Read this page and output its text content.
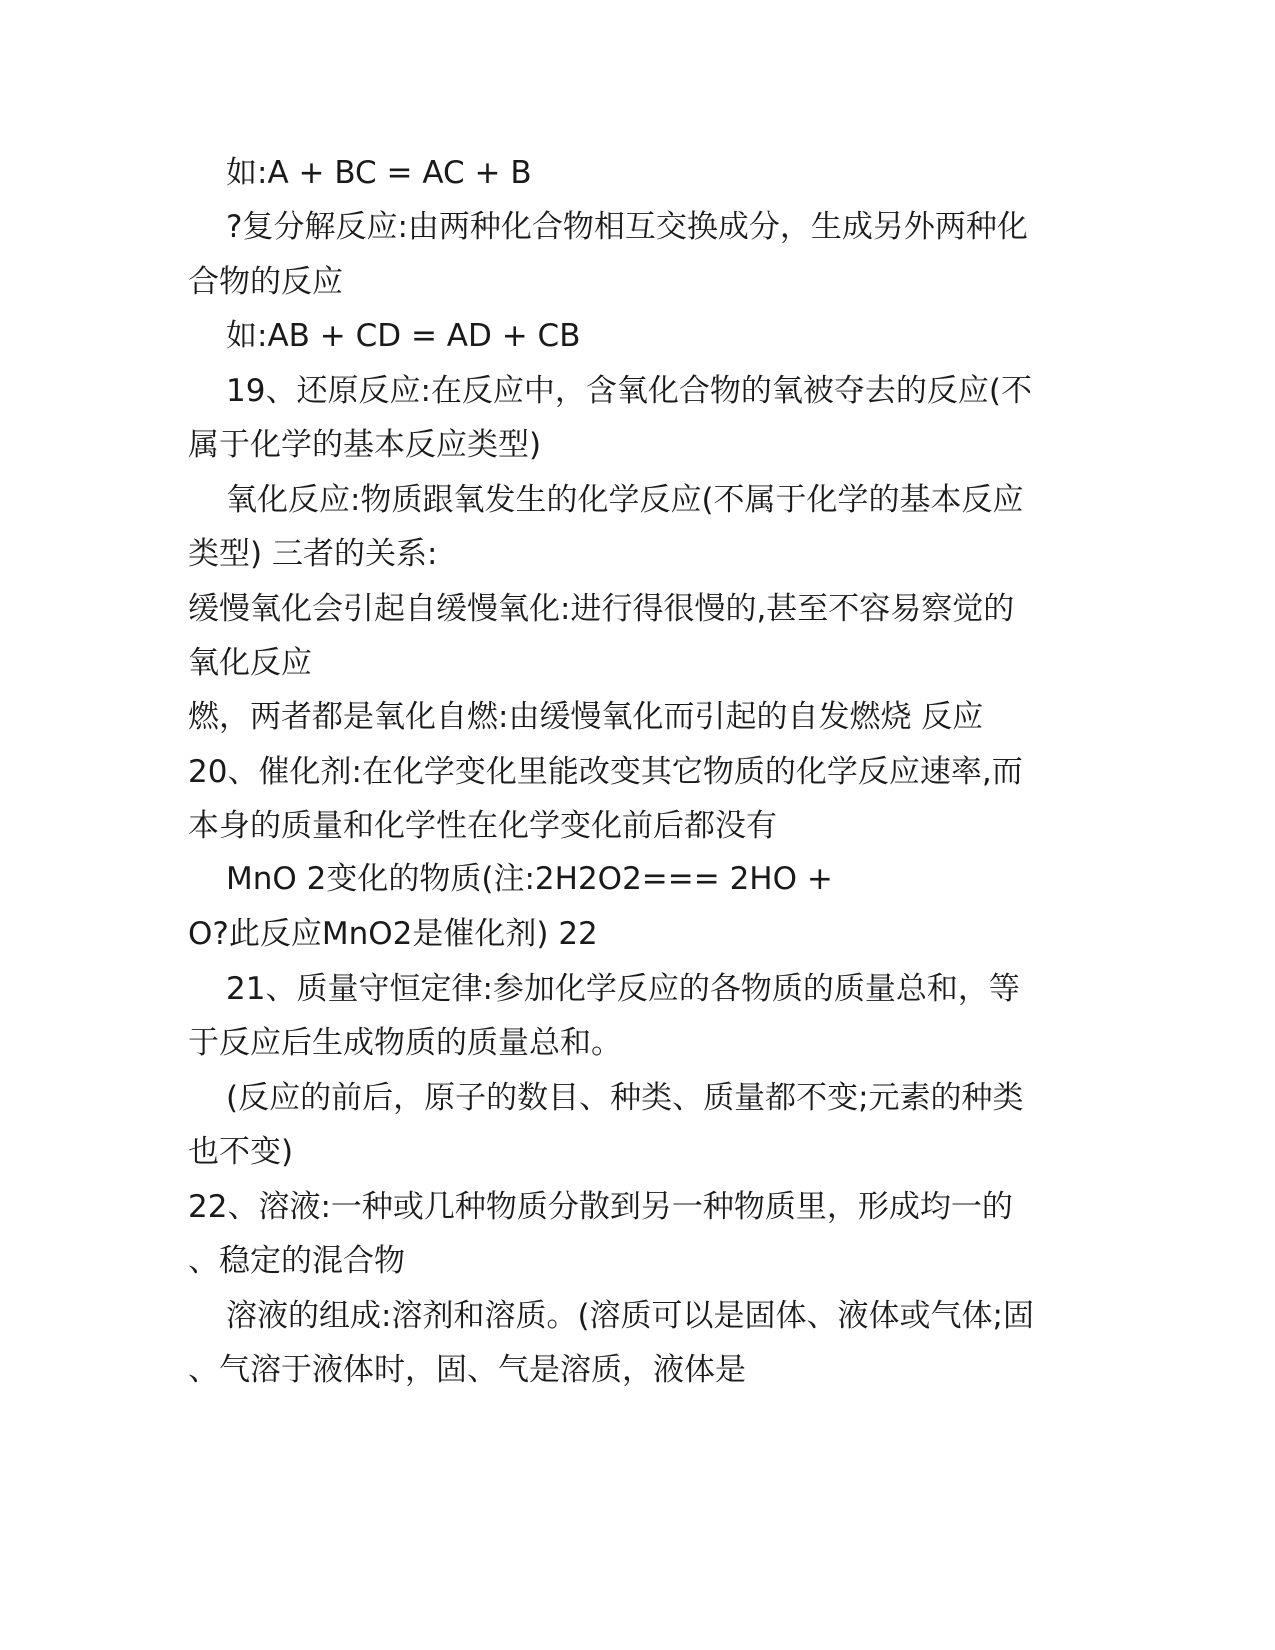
如:A + BC = AC + B
?复分解反应:由两种化合物相互交换成分，生成另外两种化
合物的反应
如:AB + CD = AD + CB
19、还原反应:在反应中，含氧化合物的氧被夺去的反应(不
属于化学的基本反应类型)
氧化反应:物质跟氧发生的化学反应(不属于化学的基本反应
类型) 三者的关系:
缓慢氧化会引起自缓慢氧化:进行得很慢的,甚至不容易察觉的
氧化反应
燃，两者都是氧化自燃:由缓慢氧化而引起的自发燃烧 反应
20、催化剂:在化学变化里能改变其它物质的化学反应速率,而
本身的质量和化学性在化学变化前后都没有
MnO 2变化的物质(注:2H2O2=== 2HO +
O?此反应MnO2是催化剂) 22
21、质量守恒定律:参加化学反应的各物质的质量总和，等
于反应后生成物质的质量总和。
(反应的前后，原子的数目、种类、质量都不变;元素的种类
也不变)
22、溶液:一种或几种物质分散到另一种物质里，形成均一的
、稳定的混合物
溶液的组成:溶剂和溶质。(溶质可以是固体、液体或气体;固
、气溶于液体时，固、气是溶质，液体是
